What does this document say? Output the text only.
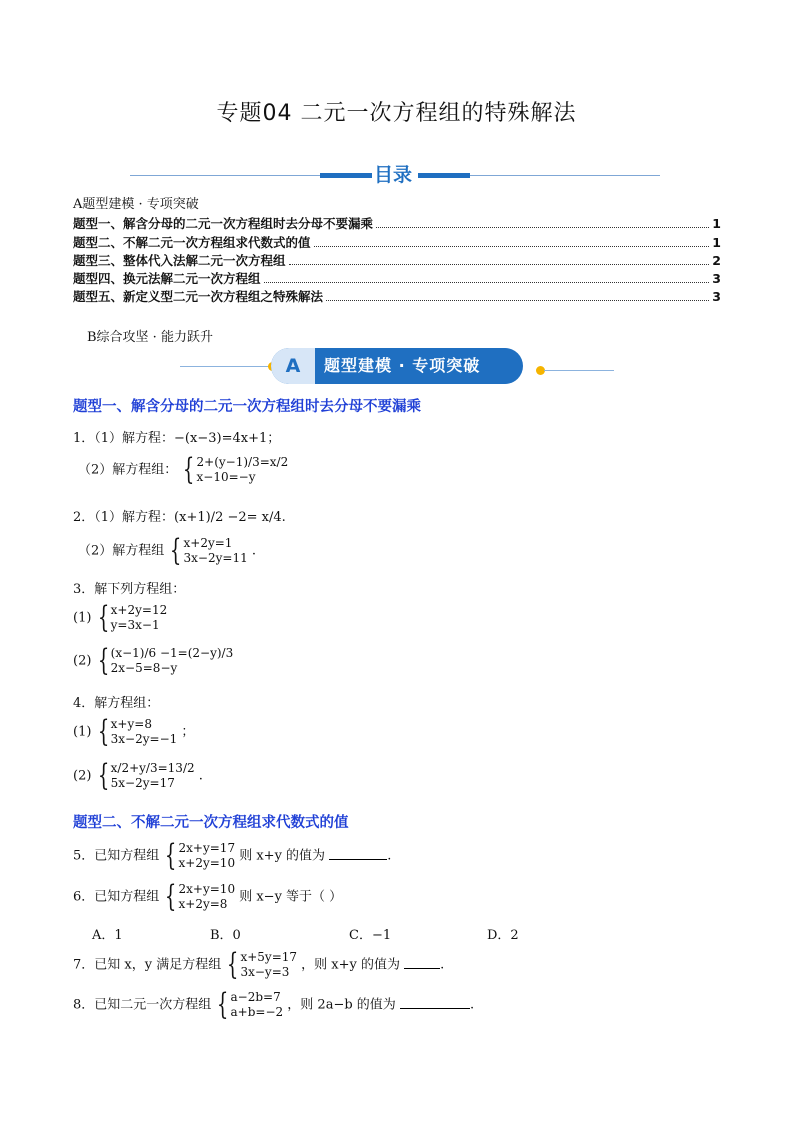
专题04 二元一次方程组的特殊解法
目录
A题型建模 · 专项突破
题型一、解含分母的二元一次方程组时去分母不要漏乘	1
题型二、不解二元一次方程组求代数式的值	1
题型三、整体代入法解二元一次方程组	2
题型四、换元法解二元一次方程组	3
题型五、新定义型二元一次方程组之特殊解法	3
B综合攻坚 · 能力跃升
A	题型建模 · 专项突破
题型一、解含分母的二元一次方程组时去分母不要漏乘
1．（1）解方程：−(x−3)=4x+1；
（2）解方程组： { 2+(y−1)/3=x/2
x−10=−y
2．（1）解方程：(x+1)/2 −2= x/4.
（2）解方程组 { x+2y=1
3x−2y=11 .
3．解下列方程组：
(1) { x+2y=12
y=3x−1
(2) { (x−1)/6 −1=(2−y)/3
2x−5=8−y
4．解方程组：
(1) { x+y=8
3x−2y=−1 ；
(2) { x/2+y/3=13/2
5x−2y=17	.
题型二、不解二元一次方程组求代数式的值
5．已知方程组 { 2x+y=17
x+2y=10 则 x+y 的值为	.
6．已知方程组 { 2x+y=10
x+2y=8 则 x−y 等于（ ）
A．1	B．0	C．−1	D．2
7．已知 x，y 满足方程组 { x+5y=17
3x−y=3 ，则 x+y 的值为	.
8．已知二元一次方程组 { a−2b=7
a+b=−2 ，则 2a−b 的值为	.
